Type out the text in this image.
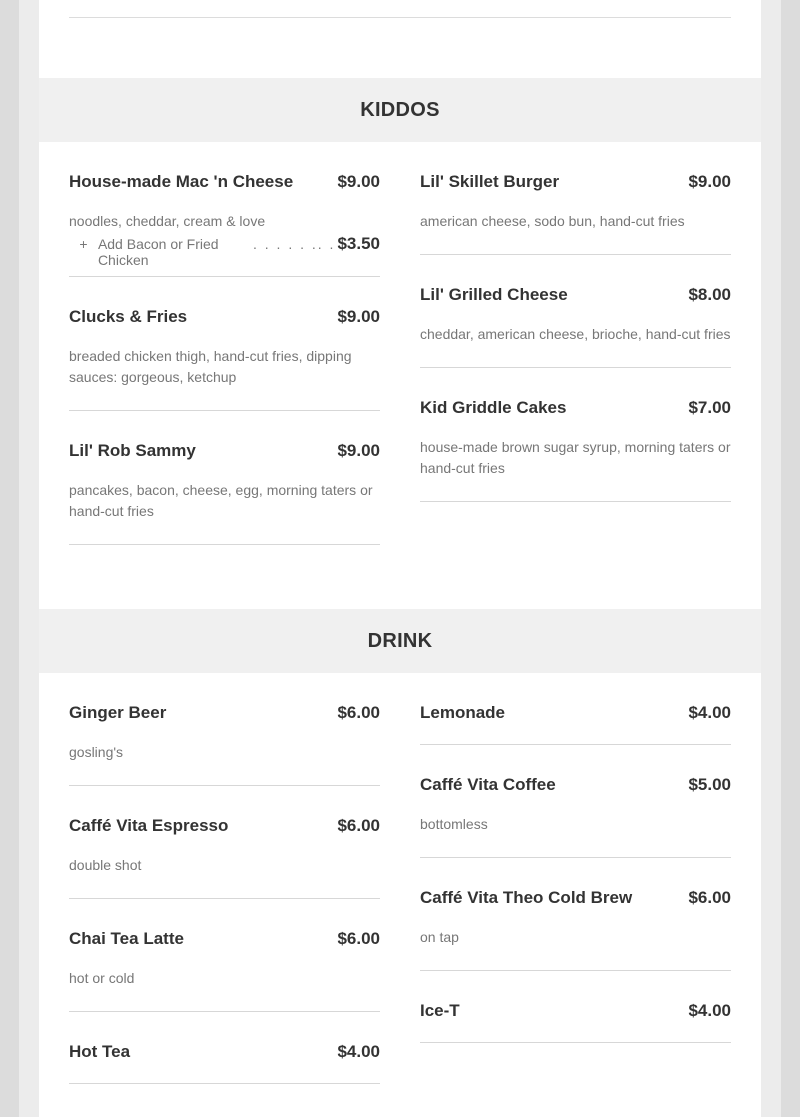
KIDDOS
House-made Mac 'n Cheese	$9.00
noodles, cheddar, cream & love
+ Add Bacon or Fried Chicken
. . . . . .. . $3.50
Clucks & Fries	$9.00
breaded chicken thigh, hand-cut fries, dipping sauces: gorgeous, ketchup
Lil' Rob Sammy	$9.00
pancakes, bacon, cheese, egg, morning taters or hand-cut fries
Lil' Skillet Burger	$9.00
american cheese, sodo bun, hand-cut fries
Lil' Grilled Cheese	$8.00
cheddar, american cheese, brioche, hand-cut fries
Kid Griddle Cakes	$7.00
house-made brown sugar syrup, morning taters or hand-cut fries
DRINK
Ginger Beer	$6.00
gosling's
Caffé Vita Espresso	$6.00
double shot
Chai Tea Latte	$6.00
hot or cold
Hot Tea	$4.00
Lemonade	$4.00
Caffé Vita Coffee	$5.00
bottomless
Caffé Vita Theo Cold Brew	$6.00
on tap
Ice-T	$4.00
